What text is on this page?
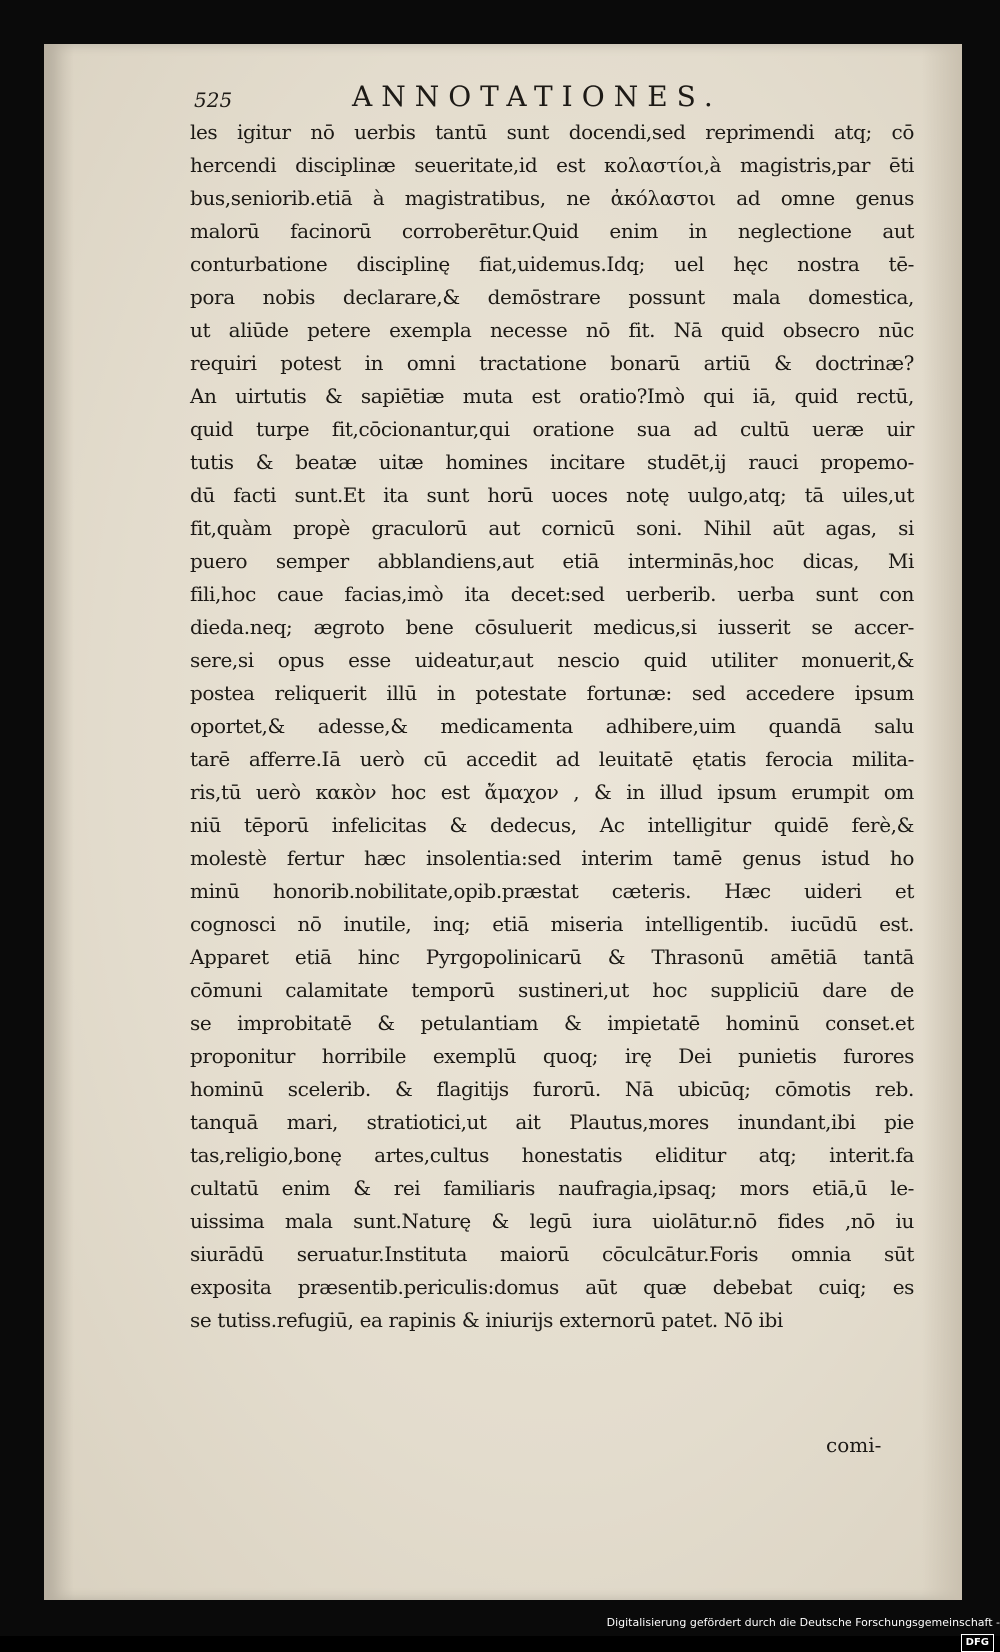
525	ANNOTATIONES.
les igitur nō uerbis tantū sunt docendi,sed reprimendi atq; cō
hercendi disciplinæ seueritate,id est κολαστίοι,à magistris,par ēti
bus,seniorib.etiā à magistratibus, ne ἀκόλαστοι ad omne genus
malorū facinorū corroberētur.Quid enim in neglectione aut
conturbatione disciplinę fiat,uidemus.Idq; uel hęc nostra tē-
pora nobis declarare,& demōstrare possunt mala domestica,
ut aliūde petere exempla necesse nō fit. Nā quid obsecro nūc
requiri potest in omni tractatione bonarū artiū & doctrinæ?
An uirtutis & sapiētiæ muta est oratio?Imò qui iā, quid rectū,
quid turpe fit,cōcionantur,qui oratione sua ad cultū ueræ uir
tutis & beatæ uitæ homines incitare studēt,ij rauci propemo-
dū facti sunt.Et ita sunt horū uoces notę uulgo,atq; tā uiles,ut
fit,quàm propè graculorū aut cornicū soni. Nihil aūt agas, si
puero semper abblandiens,aut etiā interminās,hoc dicas, Mi
fili,hoc caue facias,imò ita decet:sed uerberib. uerba sunt con
dieda.neq; ægroto bene cōsuluerit medicus,si iusserit se accer-
sere,si opus esse uideatur,aut nescio quid utiliter monuerit,&
postea reliquerit illū in potestate fortunæ: sed accedere ipsum
oportet,& adesse,& medicamenta adhibere,uim quandā salu
tarē afferre.Iā uerò cū accedit ad leuitatē ętatis ferocia milita-
ris,tū uerò κακὸν hoc est ἄμαχον , & in illud ipsum erumpit om
niū tēporū infelicitas & dedecus, Ac intelligitur quidē ferè,&
molestè fertur hæc insolentia:sed interim tamē genus istud ho
minū honorib.nobilitate,opib.præstat cæteris. Hæc uideri et
cognosci nō inutile, inq; etiā miseria intelligentib. iucūdū est.
Apparet etiā hinc Pyrgopolinicarū & Thrasonū amētiā tantā
cōmuni calamitate temporū sustineri,ut hoc suppliciū dare de
se improbitatē & petulantiam & impietatē hominū conset.et
proponitur horribile exemplū quoq; irę Dei punietis furores
hominū scelerib. & flagitijs furorū. Nā ubicūq; cōmotis reb.
tanquā mari, stratiotici,ut ait Plautus,mores inundant,ibi pie
tas,religio,bonę artes,cultus honestatis eliditur atq; interit.fa
cultatū enim & rei familiaris naufragia,ipsaq; mors etiā,ū le-
uissima mala sunt.Naturę & legū iura uiolātur.nō fides ,nō iu
siurādū seruatur.Instituta maiorū cōculcātur.Foris omnia sūt
exposita præsentib.periculis:domus aūt quæ debebat cuiq; es
se tutiss.refugiū, ea rapinis & iniurijs externorū patet. Nō ibi
comi-
Digitalisierung gefördert durch die Deutsche Forschungsgemeinschaft - DFG
